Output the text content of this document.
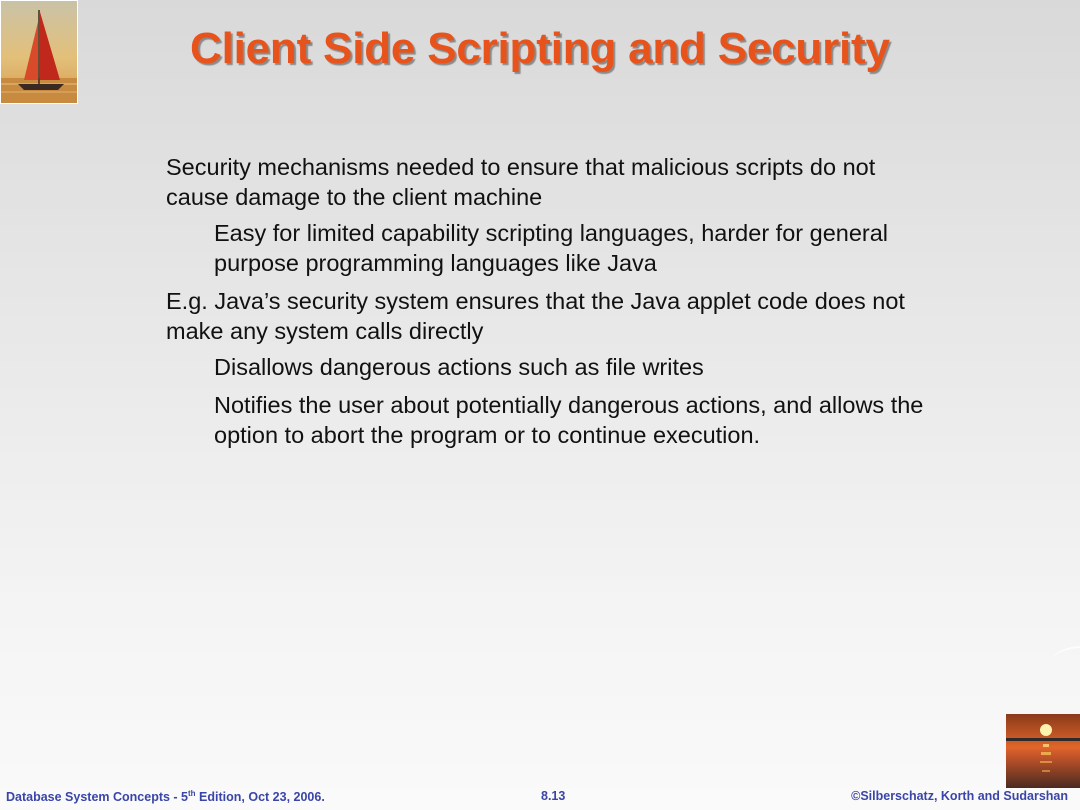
Client Side Scripting and Security

Security mechanisms needed to ensure that malicious scripts do not cause damage to the client machine

Easy for limited capability scripting languages, harder for general purpose programming languages like Java

E.g. Java’s security system ensures that the Java applet code does not make any system calls directly

Disallows dangerous actions such as file writes

Notifies the user about potentially dangerous actions, and allows the option to abort the program or to continue execution.

Database System Concepts - 5th Edition, Oct 23, 2006.	8.13	©Silberschatz, Korth and Sudarshan
